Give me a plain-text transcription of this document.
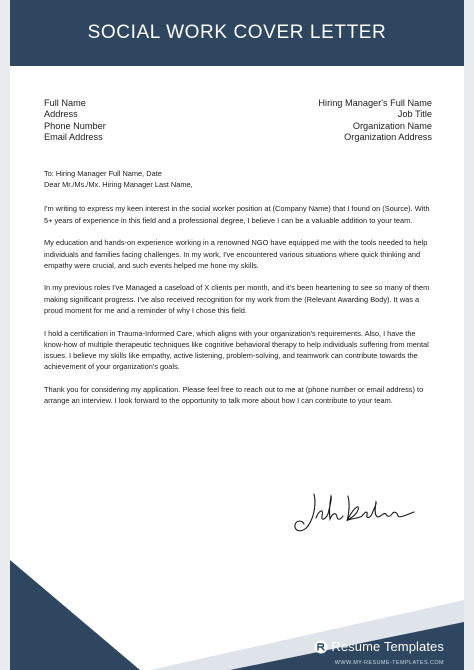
SOCIAL WORK COVER LETTER
Full Name
Address
Phone Number
Email Address
Hiring Manager's Full Name
Job Title
Organization Name
Organization Address

To: Hiring Manager Full Name, Date

Dear Mr./Ms./Mx. Hiring Manager Last Name,

I'm writing to express my keen interest in the social worker position at (Company Name) that I found on (Source). With 5+ years of experience in this field and a professional degree, I believe I can be a valuable addition to your team.

My education and hands-on experience working in a renowned NGO have equipped me with the tools needed to help individuals and families facing challenges. In my work, I've encountered various situations where quick thinking and empathy were crucial, and such events helped me hone my skills.

In my previous roles I've Managed a caseload of X clients per month, and it's been heartening to see so many of them making significant progress. I've also received recognition for my work from the (Relevant Awarding Body). It was a proud moment for me and a reminder of why I chose this field.

I hold a certification in Trauma-Informed Care, which aligns with your organization's requirements. Also, I have the know-how of multiple therapeutic techniques like cognitive behavioral therapy to help individuals suffering from mental issues. I believe my skills like empathy, active listening, problem-solving, and teamwork can contribute towards the achievement of your organization's goals.

Thank you for considering my application. Please feel free to reach out to me at (phone number or email address) to arrange an interview. I look forward to the opportunity to talk more about how I can contribute to your team.

Resume Templates
WWW.MY-RESUME-TEMPLATES.COM
